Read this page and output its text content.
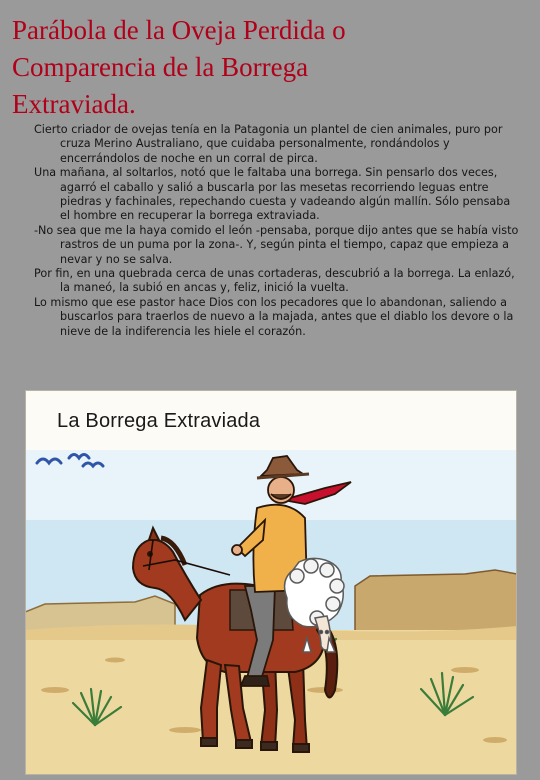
Parábola de la Oveja Perdida o
Comparencia de la Borrega
Extraviada.

Cierto criador de ovejas tenía en la Patagonia un plantel de cien animales, puro por cruza Merino Australiano, que cuidaba personalmente, rondándolos y encerrándolos de noche en un corral de pirca.

Una mañana, al soltarlos, notó que le faltaba una borrega. Sin pensarlo dos veces, agarró el caballo y salió a buscarla por las mesetas recorriendo leguas entre piedras y fachinales, repechando cuesta y vadeando algún mallín. Sólo pensaba el hombre en recuperar la borrega extraviada.

-No sea que me la haya comido el león -pensaba, porque dijo antes que se había visto rastros de un puma por la zona-. Y, según pinta el tiempo, capaz que empieza a nevar y no se salva.

Por fin, en una quebrada cerca de unas cortaderas, descubrió a la borrega. La enlazó, la maneó, la subió en ancas y, feliz, inició la vuelta.

Lo mismo que ese pastor hace Dios con los pecadores que lo abandonan, saliendo a buscarlos para traerlos de nuevo a la majada, antes que el diablo los devore o la nieve de la indiferencia les hiele el corazón.

La Borrega Extraviada
